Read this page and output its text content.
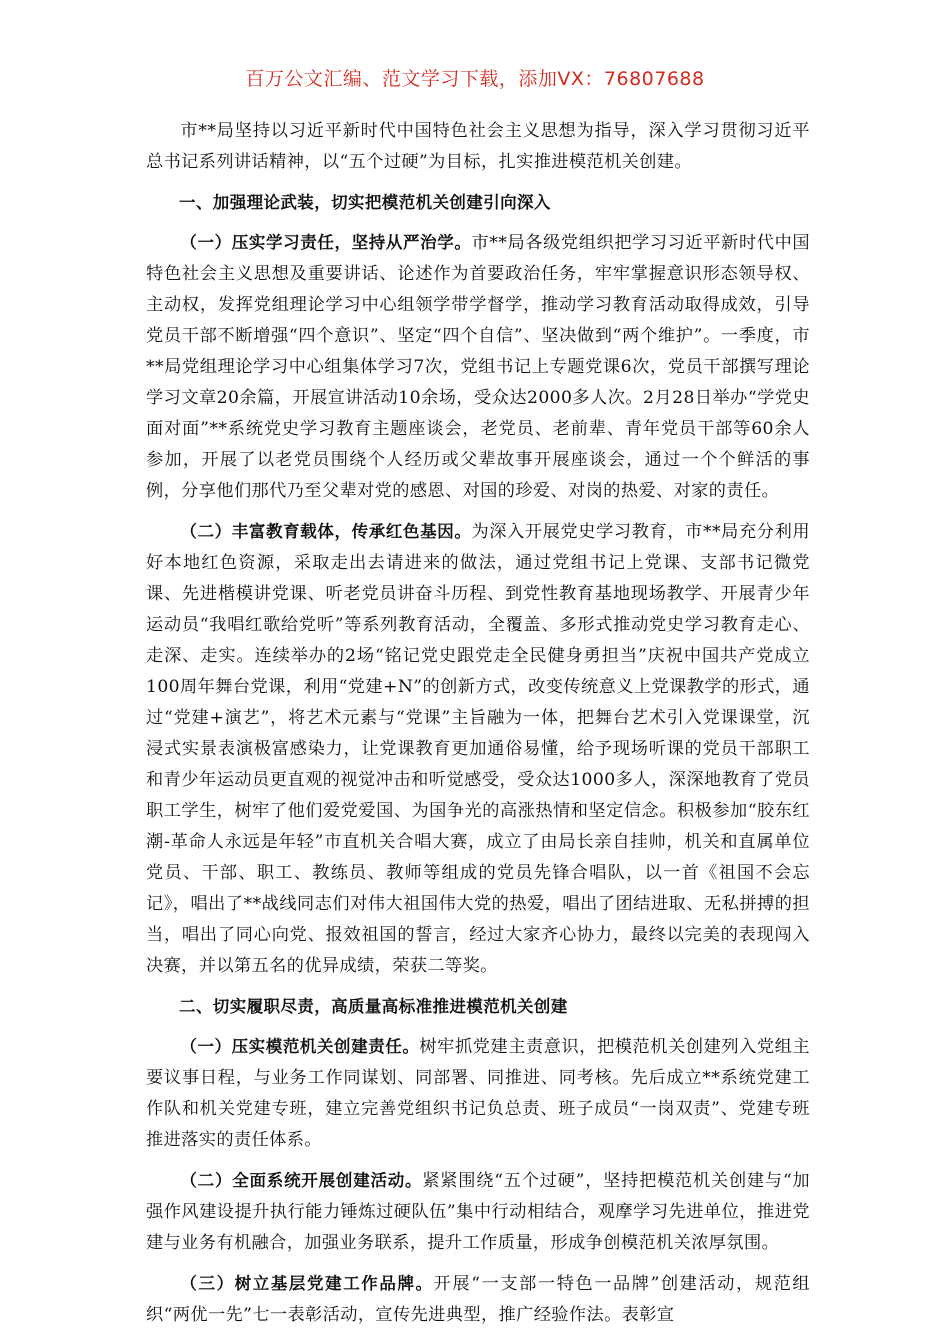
百万公文汇编、范文学习下载，添加VX：76807688

市**局坚持以习近平新时代中国特色社会主义思想为指导，深入学习贯彻习近平总书记系列讲话精神，以“五个过硬”为目标，扎实推进模范机关创建。

一、加强理论武装，切实把模范机关创建引向深入

（一）压实学习责任，坚持从严治学。市**局各级党组织把学习习近平新时代中国特色社会主义思想及重要讲话、论述作为首要政治任务，牢牢掌握意识形态领导权、主动权，发挥党组理论学习中心组领学带学督学，推动学习教育活动取得成效，引导党员干部不断增强“四个意识”、坚定“四个自信”、坚决做到“两个维护”。一季度，市**局党组理论学习中心组集体学习7次，党组书记上专题党课6次，党员干部撰写理论学习文章20余篇，开展宣讲活动10余场，受众达2000多人次。2月28日举办“学党史面对面”**系统党史学习教育主题座谈会，老党员、老前辈、青年党员干部等60余人参加，开展了以老党员围绕个人经历或父辈故事开展座谈会，通过一个个鲜活的事例，分享他们那代乃至父辈对党的感恩、对国的珍爱、对岗的热爱、对家的责任。

（二）丰富教育载体，传承红色基因。为深入开展党史学习教育，市**局充分利用好本地红色资源，采取走出去请进来的做法，通过党组书记上党课、支部书记微党课、先进楷模讲党课、听老党员讲奋斗历程、到党性教育基地现场教学、开展青少年运动员“我唱红歌给党听”等系列教育活动，全覆盖、多形式推动党史学习教育走心、走深、走实。连续举办的2场“铭记党史跟党走全民健身勇担当”庆祝中国共产党成立100周年舞台党课，利用“党建+N”的创新方式，改变传统意义上党课教学的形式，通过“党建+演艺”，将艺术元素与“党课”主旨融为一体，把舞台艺术引入党课课堂，沉浸式实景表演极富感染力，让党课教育更加通俗易懂，给予现场听课的党员干部职工和青少年运动员更直观的视觉冲击和听觉感受，受众达1000多人，深深地教育了党员职工学生，树牢了他们爱党爱国、为国争光的高涨热情和坚定信念。积极参加“胶东红潮-革命人永远是年轻”市直机关合唱大赛，成立了由局长亲自挂帅，机关和直属单位党员、干部、职工、教练员、教师等组成的党员先锋合唱队，以一首《祖国不会忘记》，唱出了**战线同志们对伟大祖国伟大党的热爱，唱出了团结进取、无私拼搏的担当，唱出了同心向党、报效祖国的誓言，经过大家齐心协力，最终以完美的表现闯入决赛，并以第五名的优异成绩，荣获二等奖。

二、切实履职尽责，高质量高标准推进模范机关创建

（一）压实模范机关创建责任。树牢抓党建主责意识，把模范机关创建列入党组主要议事日程，与业务工作同谋划、同部署、同推进、同考核。先后成立**系统党建工作队和机关党建专班，建立完善党组织书记负总责、班子成员“一岗双责”、党建专班推进落实的责任体系。

（二）全面系统开展创建活动。紧紧围绕“五个过硬”，坚持把模范机关创建与“加强作风建设提升执行能力锤炼过硬队伍”集中行动相结合，观摩学习先进单位，推进党建与业务有机融合，加强业务联系，提升工作质量，形成争创模范机关浓厚氛围。

（三）树立基层党建工作品牌。开展“一支部一特色一品牌”创建活动，规范组织“两优一先”七一表彰活动，宣传先进典型，推广经验作法。表彰宣
